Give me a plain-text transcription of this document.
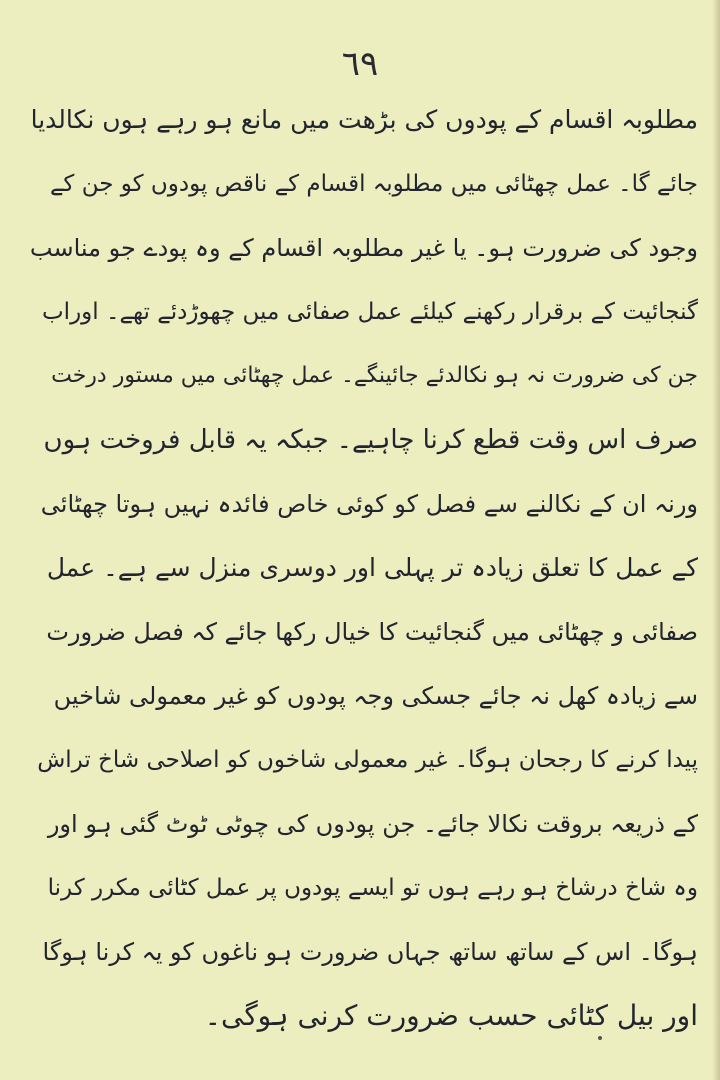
٦٩
مطلوبہ اقسام کے پودوں کی بڑھت میں مانع ہو رہے ہوں نکالدیا
جائے گا۔ عمل چھٹائی میں مطلوبہ اقسام کے ناقص پودوں کو جن کے
وجود کی ضرورت ہو۔ یا غیر مطلوبہ اقسام کے وہ پودے جو مناسب
گنجائیت کے برقرار رکھنے کیلئے عمل صفائی میں چھوڑدئے تھے۔ اوراب
جن کی ضرورت نہ ہو نکالدئے جائینگے۔ عمل چھٹائی میں مستور درخت
صرف اس وقت قطع کرنا چاہیے۔ جبکہ یہ قابل فروخت ہوں
ورنہ ان کے نکالنے سے فصل کو کوئی خاص فائدہ نہیں ہوتا چھٹائی
کے عمل کا تعلق زیادہ تر پہلی اور دوسری منزل سے ہے۔ عمل
صفائی و چھٹائی میں گنجائیت کا خیال رکھا جائے کہ فصل ضرورت
سے زیادہ کھل نہ جائے جسکی وجہ پودوں کو غیر معمولی شاخیں
پیدا کرنے کا رجحان ہوگا۔ غیر معمولی شاخوں کو اصلاحی شاخ تراش
کے ذریعہ بروقت نکالا جائے۔ جن پودوں کی چوٹی ٹوٹ گئی ہو اور
وہ شاخ درشاخ ہو رہے ہوں تو ایسے پودوں پر عمل کٹائی مکرر کرنا
ہوگا۔ اس کے ساتھ ساتھ جہاں ضرورت ہو ناغوں کو یہ کرنا ہوگا
اور بیل کٹائی حسب ضرورت کرنی ہوگی۔
